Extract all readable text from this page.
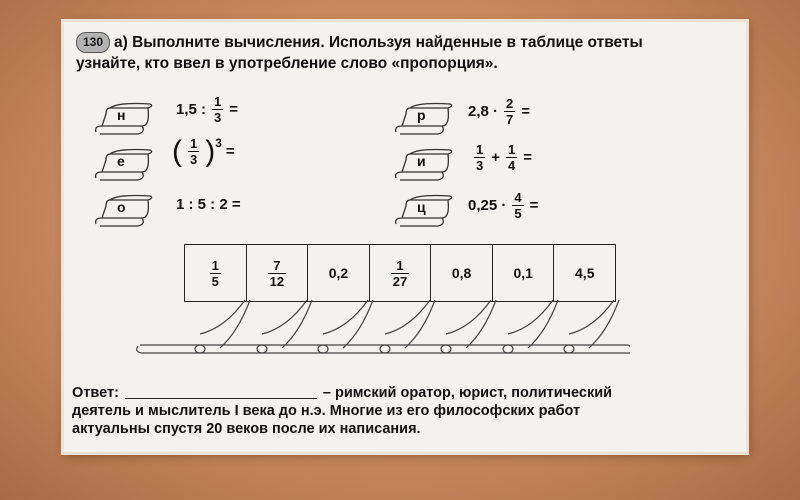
130 а) Выполните вычисления. Используя найденные в таблице ответы
узнайте, кто ввел в употребление слово «пропорция».
н	1,5 : $\frac{1}{3}$ =
е ( $\frac{1}{3} )^3$ =
о	1 : 5 : 2 =
р	$2,8 \cdot \frac{2}{7}$ =
и	$\frac{1}{3} + \frac{1}{4}$ =
ц	$0,25 \cdot \frac{4}{5}$ =
$\frac{1}{5}$	$\frac{7}{12}$	0,2	$\frac{1}{27}$	0,8	0,1	4,5
Ответ:	– римский оратор, юрист, политический
деятель и мыслитель I века до н.э. Многие из его философских работ
актуальны спустя 20 веков после их написания.
